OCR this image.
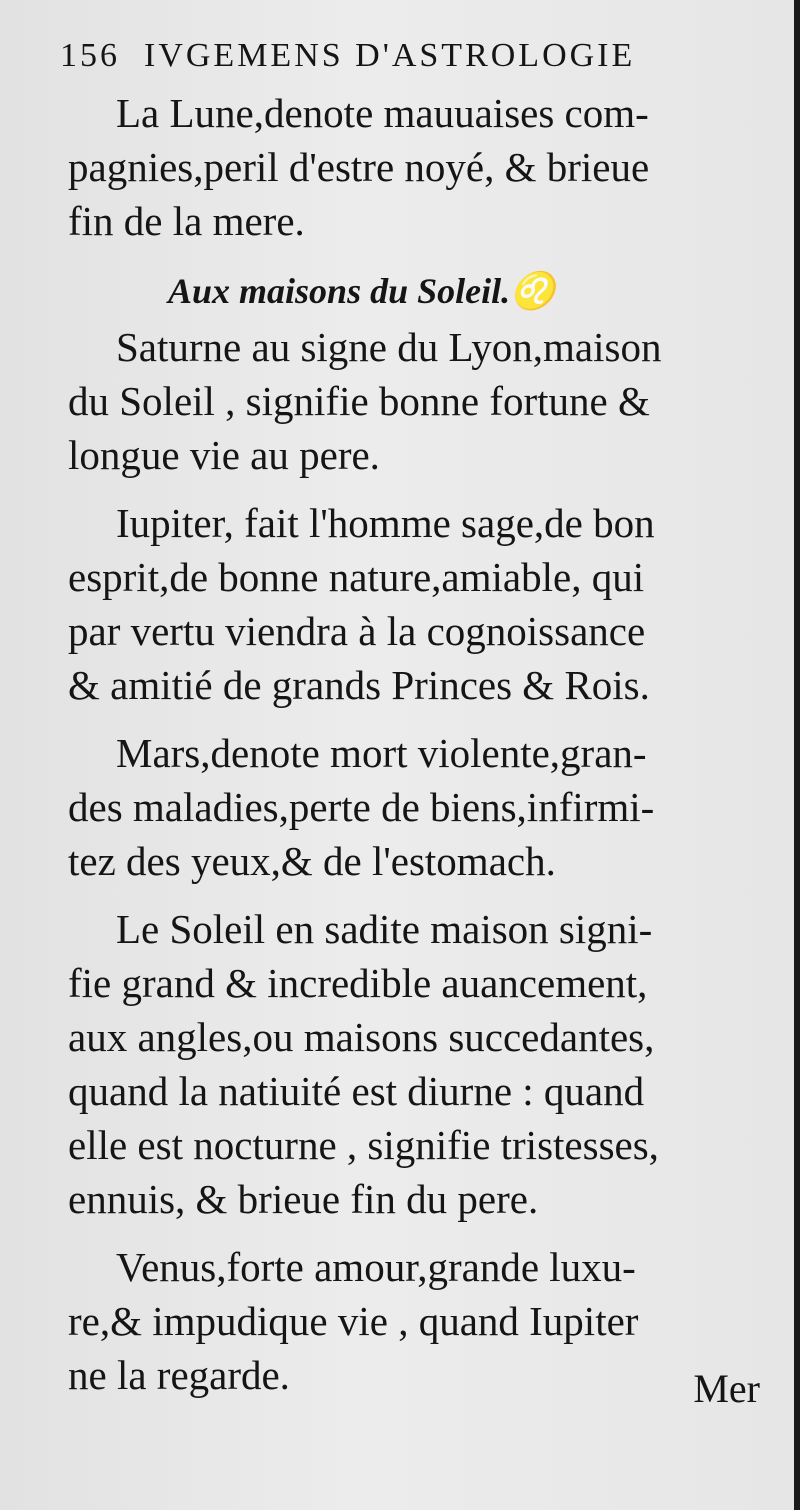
156 IVGEMENS D'ASTROLOGIE
La Lune,denote mauuaises com-
pagnies,peril d'estre noyé, & brieue
fin de la mere.
Aux maisons du Soleil.♌
Saturne au signe du Lyon,maison
du Soleil , signifie bonne fortune &
longue vie au pere.
Iupiter, fait l'homme sage,de bon
esprit,de bonne nature,amiable, qui
par vertu viendra à la cognoissance
& amitié de grands Princes & Rois.
Mars,denote mort violente,gran-
des maladies,perte de biens,infirmi-
tez des yeux,& de l'estomach.
Le Soleil en sadite maison signi-
fie grand & incredible auancement,
aux angles,ou maisons succedantes,
quand la natiuité est diurne : quand
elle est nocturne , signifie tristesses,
ennuis, & brieue fin du pere.
Venus,forte amour,grande luxu-
re,& impudique vie , quand Iupiter
ne la regarde.	Mer
